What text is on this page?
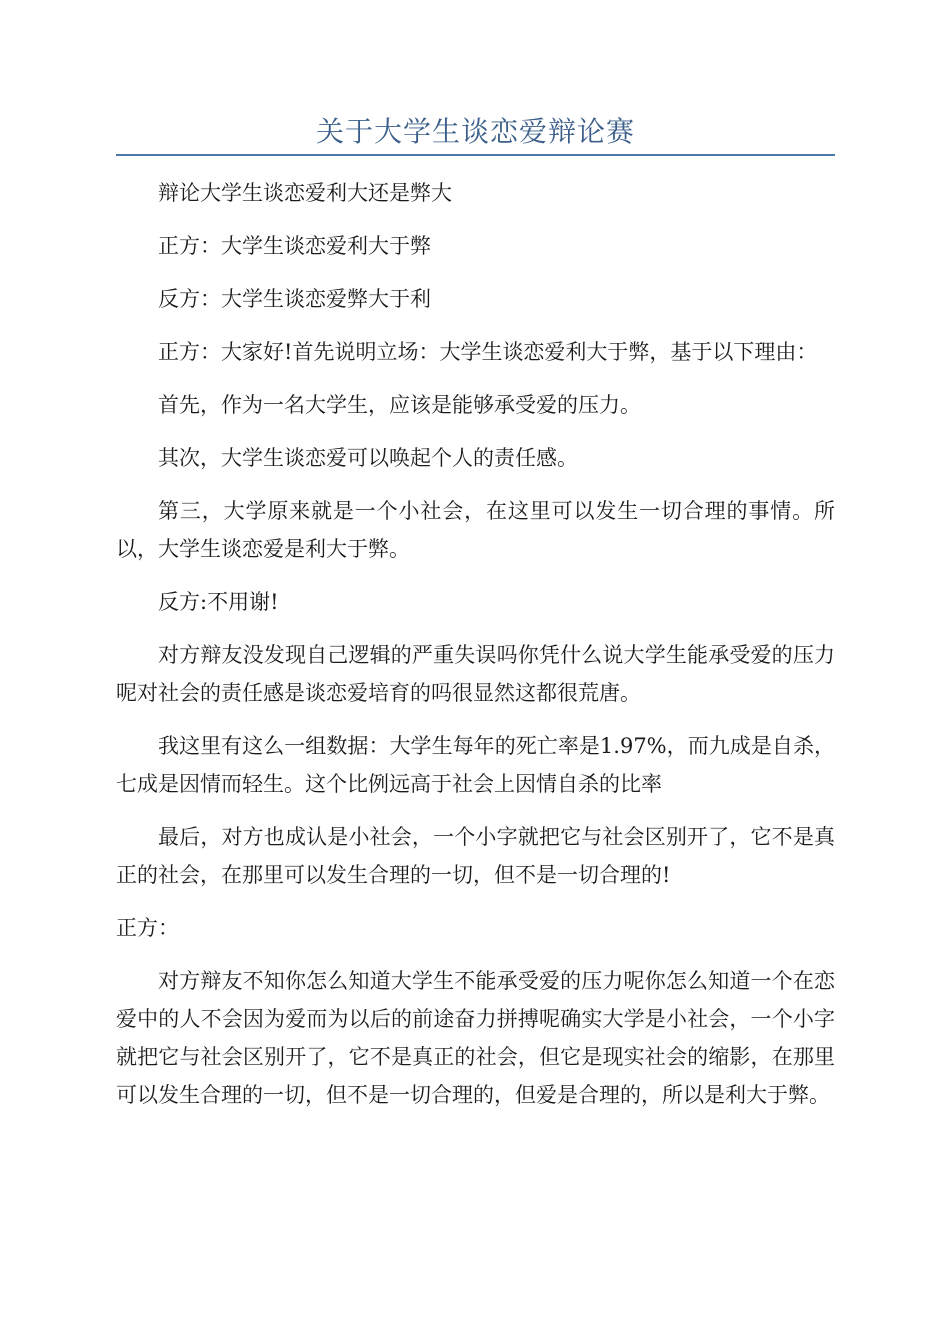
关于大学生谈恋爱辩论赛

辩论大学生谈恋爱利大还是弊大

正方：大学生谈恋爱利大于弊

反方：大学生谈恋爱弊大于利

正方：大家好!首先说明立场：大学生谈恋爱利大于弊，基于以下理由：

首先，作为一名大学生，应该是能够承受爱的压力。

其次，大学生谈恋爱可以唤起个人的责任感。

第三，大学原来就是一个小社会，在这里可以发生一切合理的事情。所以，大学生谈恋爱是利大于弊。

反方:不用谢!

对方辩友没发现自己逻辑的严重失误吗你凭什么说大学生能承受爱的压力呢对社会的责任感是谈恋爱培育的吗很显然这都很荒唐。

我这里有这么一组数据：大学生每年的死亡率是1.97%，而九成是自杀，七成是因情而轻生。这个比例远高于社会上因情自杀的比率

最后，对方也成认是小社会，一个小字就把它与社会区别开了，它不是真正的社会，在那里可以发生合理的一切，但不是一切合理的!

正方：

对方辩友不知你怎么知道大学生不能承受爱的压力呢你怎么知道一个在恋爱中的人不会因为爱而为以后的前途奋力拼搏呢确实大学是小社会，一个小字就把它与社会区别开了，它不是真正的社会，但它是现实社会的缩影，在那里可以发生合理的一切，但不是一切合理的，但爱是合理的，所以是利大于弊。
